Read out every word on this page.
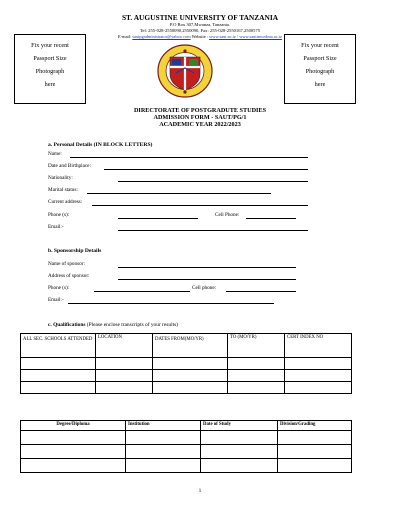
ST. AUGUSTINE UNIVERSITY OF TANZANIA
P.O Box 307,Mwanza, Tanzania.
Tel: 255-028-2550090,2550090, Fax: 255-028-2550167,2500575
E-mail: sautpgadministrator@yahoo.com Website : www.saut.ac.tz / www.sautmwzdma.ac.tz
Fix your recent
Passport Size
Photograph
here
Fix your recent
Passport Size
Photograph
here
DIRECTORATE OF POSTGRADUTE STUDIES
ADMISSION FORM - SAUT/PG/1
ACADEMIC YEAR 2022/2023
a. Personal Details (IN BLOCK LETTERS)
Name:
Date and Birthplace:
Nationality:
Marital status:
Current address:
Phone (s):	Cell Phone:
Email:-
b. Sponsorship Details
Name of sponsor:
Address of sponsor:
Phone (s):	Cell phone:
Email:-
c. Qualifications (Please enclose transcripts of your results)
ALL SEC. SCHOOLS ATTENDED	LOCATION	DATES FROM(MO/YR)	TO (MO/YR)	CERT INDEX NO

Degree/Diploma	Institution	Date of Study	Division/Grading

1
